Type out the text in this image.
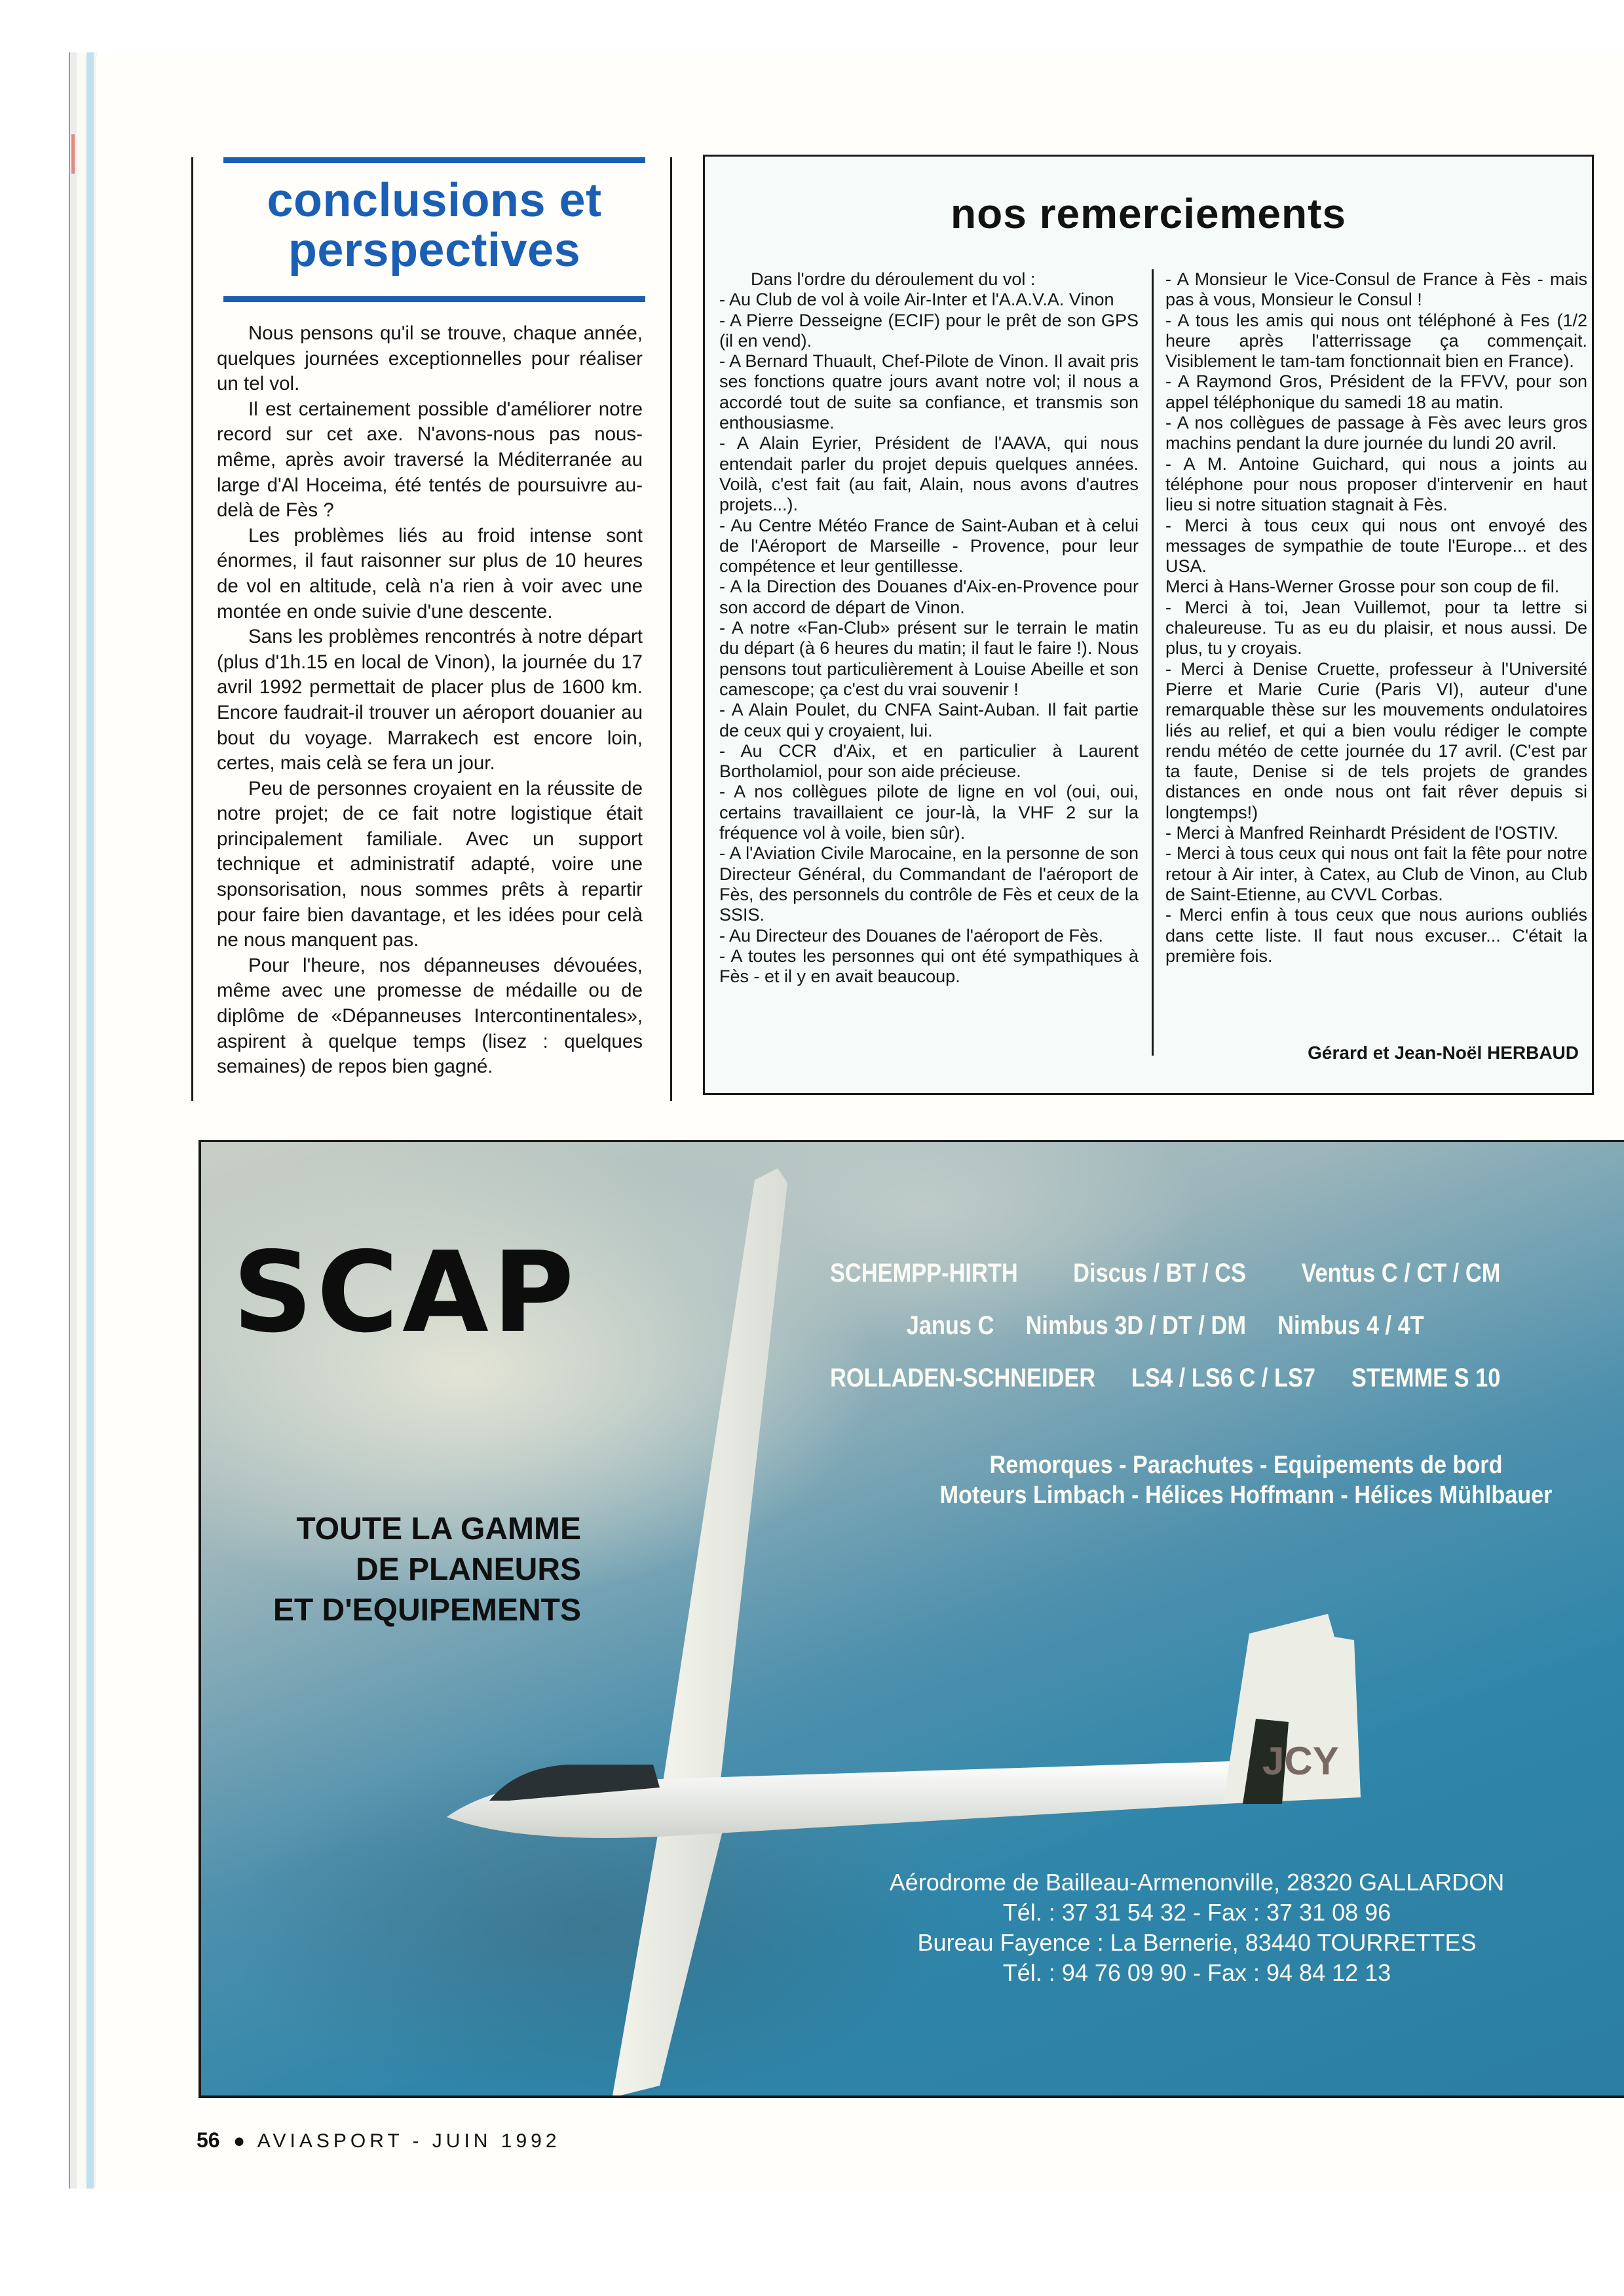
conclusions et perspectives

Nous pensons qu'il se trouve, chaque année, quelques journées exceptionnelles pour réaliser un tel vol.

Il est certainement possible d'améliorer notre record sur cet axe. N'avons-nous pas nous-même, après avoir traversé la Méditerranée au large d'Al Hoceima, été tentés de poursuivre au-delà de Fès ?

Les problèmes liés au froid intense sont énormes, il faut raisonner sur plus de 10 heures de vol en altitude, celà n'a rien à voir avec une montée en onde suivie d'une descente.

Sans les problèmes rencontrés à notre départ (plus d'1h.15 en local de Vinon), la journée du 17 avril 1992 permettait de placer plus de 1600 km. Encore faudrait-il trouver un aéroport douanier au bout du voyage. Marrakech est encore loin, certes, mais celà se fera un jour.

Peu de personnes croyaient en la réussite de notre projet; de ce fait notre logistique était principalement familiale. Avec un support technique et administratif adapté, voire une sponsorisation, nous sommes prêts à repartir pour faire bien davantage, et les idées pour celà ne nous manquent pas.

Pour l'heure, nos dépanneuses dévouées, même avec une promesse de médaille ou de diplôme de «Dépanneuses Intercontinentales», aspirent à quelque temps (lisez : quelques semaines) de repos bien gagné.

nos remerciements

Dans l'ordre du déroulement du vol :

- Au Club de vol à voile Air-Inter et l'A.A.V.A. Vinon

- A Pierre Desseigne (ECIF) pour le prêt de son GPS (il en vend).

- A Bernard Thuault, Chef-Pilote de Vinon. Il avait pris ses fonctions quatre jours avant notre vol; il nous a accordé tout de suite sa confiance, et transmis son enthousiasme.

- A Alain Eyrier, Président de l'AAVA, qui nous entendait parler du projet depuis quelques années. Voilà, c'est fait (au fait, Alain, nous avons d'autres projets...).

- Au Centre Météo France de Saint-Auban et à celui de l'Aéroport de Marseille - Provence, pour leur compétence et leur gentillesse.

- A la Direction des Douanes d'Aix-en-Provence pour son accord de départ de Vinon.

- A notre «Fan-Club» présent sur le terrain le matin du départ (à 6 heures du matin; il faut le faire !). Nous pensons tout particulièrement à Louise Abeille et son camescope; ça c'est du vrai souvenir !

- A Alain Poulet, du CNFA Saint-Auban. Il fait partie de ceux qui y croyaient, lui.

- Au CCR d'Aix, et en particulier à Laurent Bortholamiol, pour son aide précieuse.

- A nos collègues pilote de ligne en vol (oui, oui, certains travaillaient ce jour-là, la VHF 2 sur la fréquence vol à voile, bien sûr).

- A l'Aviation Civile Marocaine, en la personne de son Directeur Général, du Commandant de l'aéroport de Fès, des personnels du contrôle de Fès et ceux de la SSIS.

- Au Directeur des Douanes de l'aéroport de Fès.

- A toutes les personnes qui ont été sympathiques à Fès - et il y en avait beaucoup.

- A Monsieur le Vice-Consul de France à Fès - mais pas à vous, Monsieur le Consul !

- A tous les amis qui nous ont téléphoné à Fes (1/2 heure après l'atterrissage ça commençait. Visiblement le tam-tam fonctionnait bien en France).

- A Raymond Gros, Président de la FFVV, pour son appel téléphonique du samedi 18 au matin.

- A nos collègues de passage à Fès avec leurs gros machins pendant la dure journée du lundi 20 avril.

- A M. Antoine Guichard, qui nous a joints au téléphone pour nous proposer d'intervenir en haut lieu si notre situation stagnait à Fès.

- Merci à tous ceux qui nous ont envoyé des messages de sympathie de toute l'Europe... et des USA.

Merci à Hans-Werner Grosse pour son coup de fil.

- Merci à toi, Jean Vuillemot, pour ta lettre si chaleureuse. Tu as eu du plaisir, et nous aussi. De plus, tu y croyais.

- Merci à Denise Cruette, professeur à l'Université Pierre et Marie Curie (Paris VI), auteur d'une remarquable thèse sur les mouvements ondulatoires liés au relief, et qui a bien voulu rédiger le compte rendu météo de cette journée du 17 avril. (C'est par ta faute, Denise si de tels projets de grandes distances en onde nous ont fait rêver depuis si longtemps!)

- Merci à Manfred Reinhardt Président de l'OSTIV.

- Merci à tous ceux qui nous ont fait la fête pour notre retour à Air inter, à Catex, au Club de Vinon, au Club de Saint-Etienne, au CVVL Corbas.

- Merci enfin à tous ceux que nous aurions oubliés dans cette liste. Il faut nous excuser... C'était la première fois.

Gérard et Jean-Noël HERBAUD
JCY
SCAP
TOUTE LA GAMME
DE PLANEURS
ET D'EQUIPEMENTS
SCHEMPP-HIRTH Discus / BT / CS Ventus C / CT / CM
Janus C Nimbus 3D / DT / DM Nimbus 4 / 4T
ROLLADEN-SCHNEIDER LS4 / LS6 C / LS7 STEMME S 10
Remorques - Parachutes - Equipements de bord
Moteurs Limbach - Hélices Hoffmann - Hélices Mühlbauer
Aérodrome de Bailleau-Armenonville, 28320 GALLARDON
Tél. : 37 31 54 32 - Fax : 37 31 08 96
Bureau Fayence : La Bernerie, 83440 TOURRETTES
Tél. : 94 76 09 90 - Fax : 94 84 12 13
56 ● AVIASPORT - JUIN 1992
